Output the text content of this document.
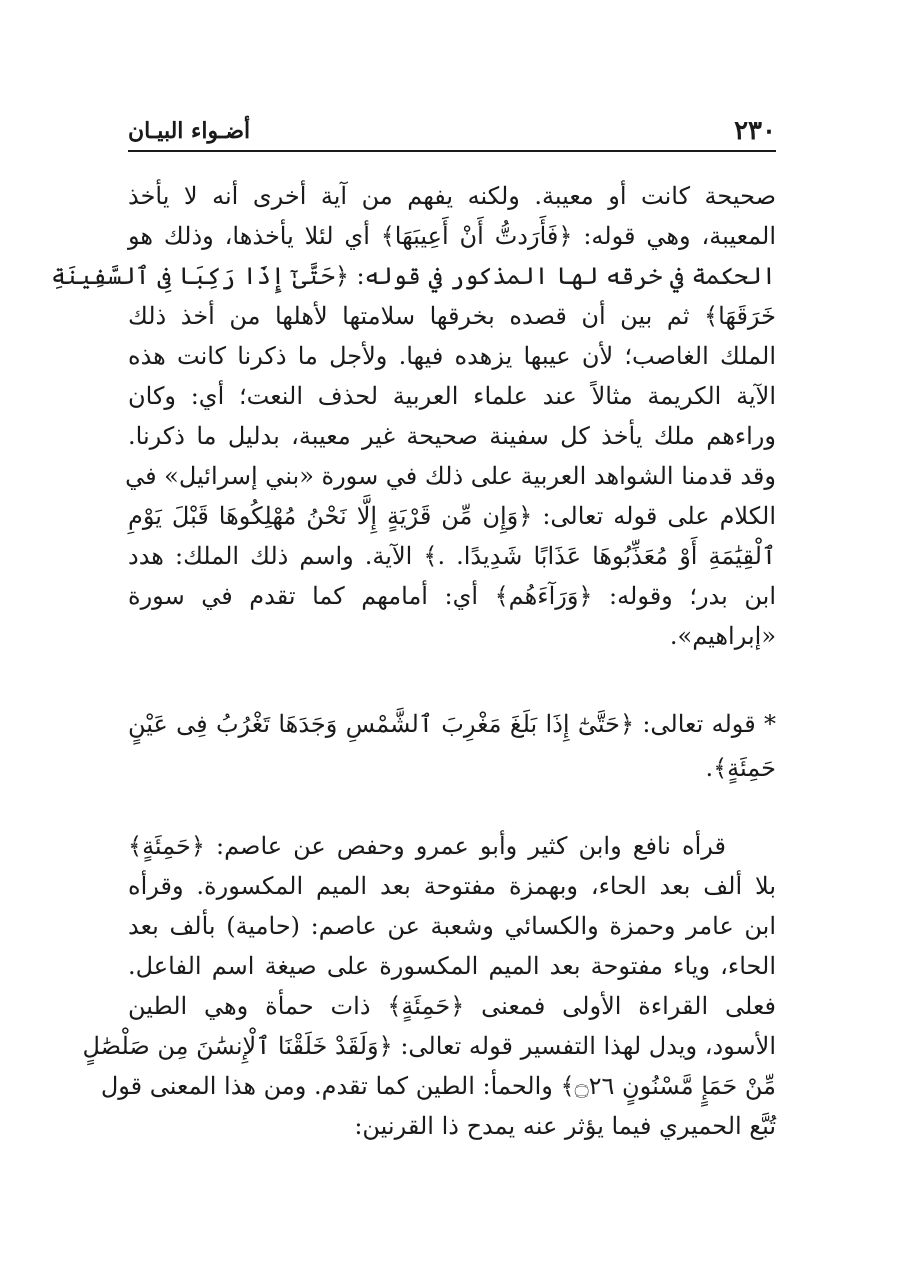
٢٣٠
أضـواء البيـان
صحيحة كانت أو معيبة. ولكنه يفهم من آية أخرى أنه لا يأخذ
المعيبة، وهي قوله: ﴿فَأَرَدتُّ أَنْ أَعِيبَهَا﴾ أي لئلا يأخذها، وذلك هو
الحكمة في خرقه لها المذكور في قوله: ﴿حَتَّىٰٓ إِذَا رَكِبَا فِى ٱلسَّفِينَةِ
خَرَقَهَا﴾ ثم بين أن قصده بخرقها سلامتها لأهلها من أخذ ذلك
الملك الغاصب؛ لأن عيبها يزهده فيها. ولأجل ما ذكرنا كانت هذه
الآية الكريمة مثالاً عند علماء العربية لحذف النعت؛ أي: وكان
وراءهم ملك يأخذ كل سفينة صحيحة غير معيبة، بدليل ما ذكرنا.
وقد قدمنا الشواهد العربية على ذلك في سورة «بني إسرائيل» في
الكلام على قوله تعالى: ﴿وَإِن مِّن قَرْيَةٍ إِلَّا نَحْنُ مُهْلِكُوهَا قَبْلَ يَوْمِ
ٱلْقِيَٰمَةِ أَوْ مُعَذِّبُوهَا عَذَابًا شَدِيدًا. .﴾ الآية. واسم ذلك الملك: هدد
ابن بدر؛ وقوله: ﴿وَرَآءَهُم﴾ أي: أمامهم كما تقدم في سورة
«إبراهيم».
* قوله تعالى: ﴿حَتَّىٰٓ إِذَا بَلَغَ مَغْرِبَ ٱلشَّمْسِ وَجَدَهَا تَغْرُبُ فِى عَيْنٍ
حَمِئَةٍ﴾.
قرأه نافع وابن كثير وأبو عمرو وحفص عن عاصم: ﴿حَمِئَةٍ﴾
بلا ألف بعد الحاء، وبهمزة مفتوحة بعد الميم المكسورة. وقرأه
ابن عامر وحمزة والكسائي وشعبة عن عاصم: (حامية) بألف بعد
الحاء، وياء مفتوحة بعد الميم المكسورة على صيغة اسم الفاعل.
فعلى القراءة الأولى فمعنى ﴿حَمِئَةٍ﴾ ذات حمأة وهي الطين
الأسود، ويدل لهذا التفسير قوله تعالى: ﴿وَلَقَدْ خَلَقْنَا ٱلْإِنسَٰنَ مِن صَلْصَٰلٍ
مِّنْ حَمَإٍ مَّسْنُونٍ ۝٢٦﴾ والحمأ: الطين كما تقدم. ومن هذا المعنى قول
تُبَّع الحميري فيما يؤثر عنه يمدح ذا القرنين:
